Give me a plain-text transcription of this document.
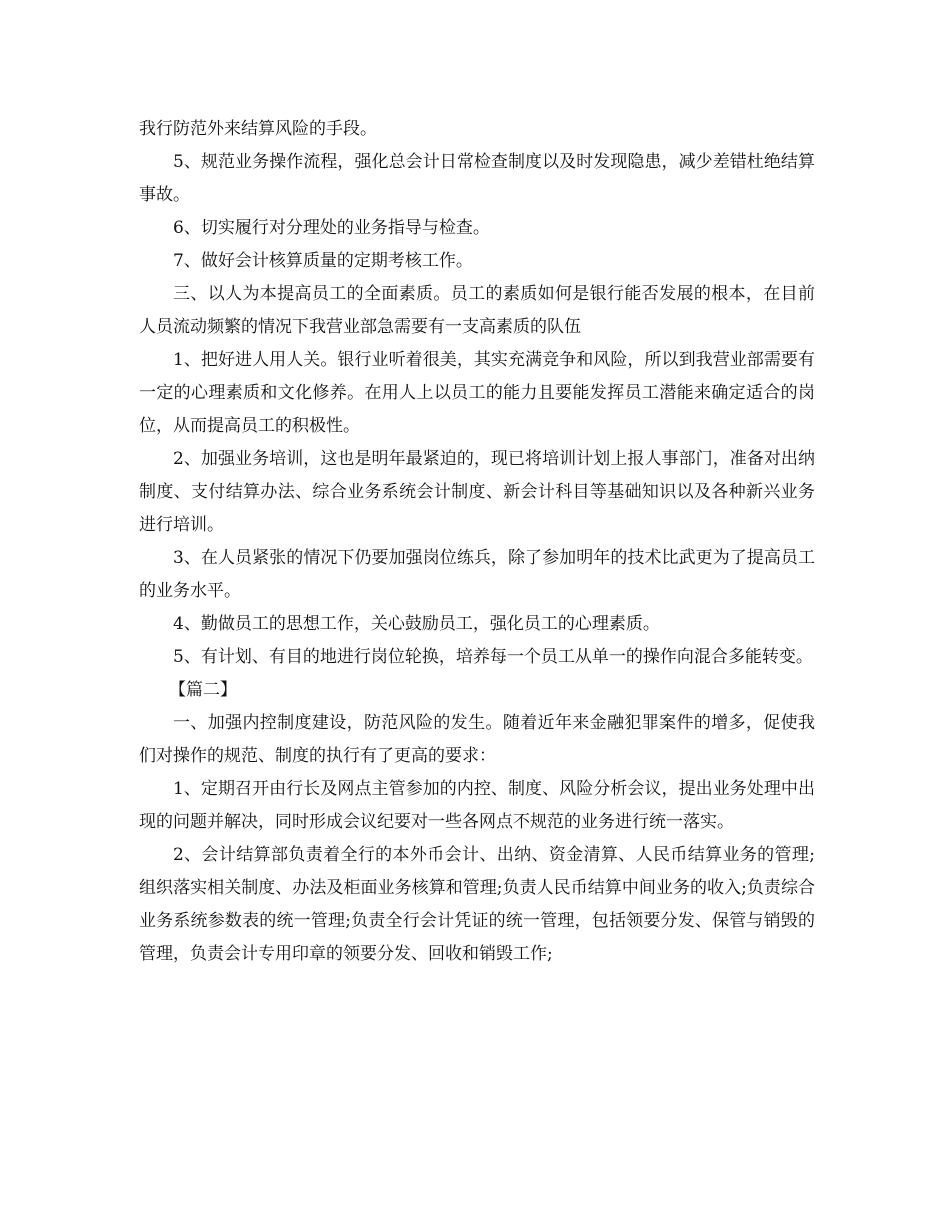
我行防范外来结算风险的手段。

5、规范业务操作流程，强化总会计日常检查制度以及时发现隐患，减少差错杜绝结算事故。

6、切实履行对分理处的业务指导与检查。

7、做好会计核算质量的定期考核工作。

三、以人为本提高员工的全面素质。员工的素质如何是银行能否发展的根本，在目前人员流动频繁的情况下我营业部急需要有一支高素质的队伍

1、把好进人用人关。银行业听着很美，其实充满竞争和风险，所以到我营业部需要有一定的心理素质和文化修养。在用人上以员工的能力且要能发挥员工潜能来确定适合的岗位，从而提高员工的积极性。

2、加强业务培训，这也是明年最紧迫的，现已将培训计划上报人事部门，准备对出纳制度、支付结算办法、综合业务系统会计制度、新会计科目等基础知识以及各种新兴业务进行培训。

3、在人员紧张的情况下仍要加强岗位练兵，除了参加明年的技术比武更为了提高员工的业务水平。

4、勤做员工的思想工作，关心鼓励员工，强化员工的心理素质。

5、有计划、有目的地进行岗位轮换，培养每一个员工从单一的操作向混合多能转变。

【篇二】

一、加强内控制度建设，防范风险的发生。随着近年来金融犯罪案件的增多，促使我们对操作的规范、制度的执行有了更高的要求：

1、定期召开由行长及网点主管参加的内控、制度、风险分析会议，提出业务处理中出现的问题并解决，同时形成会议纪要对一些各网点不规范的业务进行统一落实。

2、会计结算部负责着全行的本外币会计、出纳、资金清算、人民币结算业务的管理;组织落实相关制度、办法及柜面业务核算和管理;负责人民币结算中间业务的收入;负责综合业务系统参数表的统一管理;负责全行会计凭证的统一管理，包括领要分发、保管与销毁的管理，负责会计专用印章的领要分发、回收和销毁工作;
